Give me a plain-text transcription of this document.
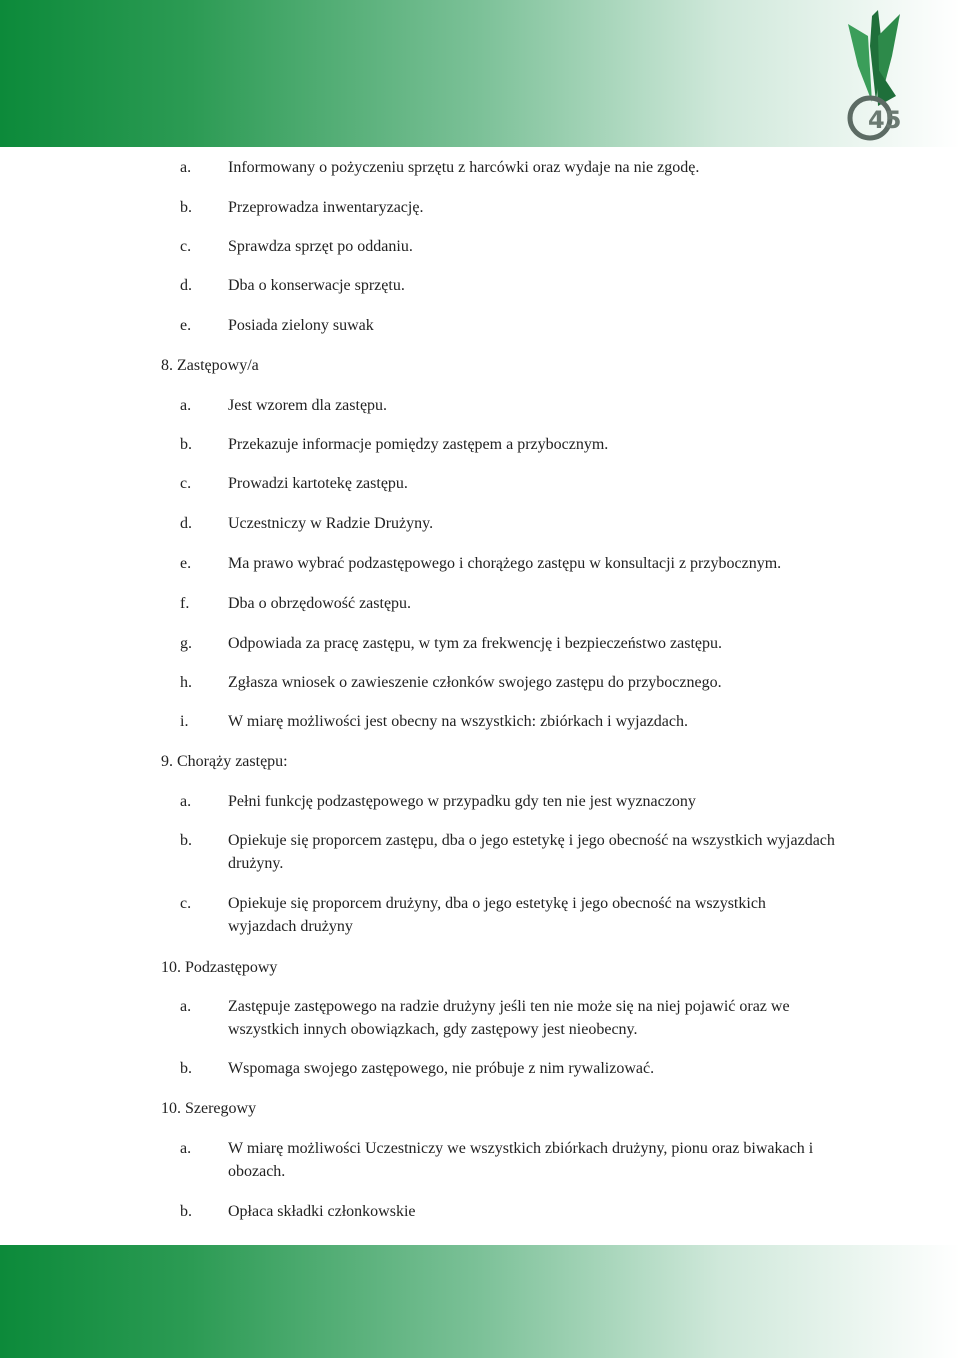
45
a. Informowany o pożyczeniu sprzętu z harcówki oraz wydaje na nie zgodę.
b. Przeprowadza inwentaryzację.
c. Sprawdza sprzęt po oddaniu.
d. Dba o konserwacje sprzętu.
e. Posiada zielony suwak
8. Zastępowy/a
a. Jest wzorem dla zastępu.
b. Przekazuje informacje pomiędzy zastępem a przybocznym.
c. Prowadzi kartotekę zastępu.
d. Uczestniczy w Radzie Drużyny.
e. Ma prawo wybrać podzastępowego i chorążego zastępu w konsultacji z przybocznym.
f. Dba o obrzędowość zastępu.
g. Odpowiada za pracę zastępu, w tym za frekwencję i bezpieczeństwo zastępu.
h. Zgłasza wniosek o zawieszenie członków swojego zastępu do przybocznego.
i. W miarę możliwości jest obecny na wszystkich: zbiórkach i wyjazdach.
9. Chorąży zastępu:
a. Pełni funkcję podzastępowego w przypadku gdy ten nie jest wyznaczony
b. Opiekuje się proporcem zastępu, dba o jego estetykę i jego obecność na wszystkich wyjazdach drużyny.
c. Opiekuje się proporcem drużyny, dba o jego estetykę i jego obecność na wszystkich wyjazdach drużyny
10. Podzastępowy
a. Zastępuje zastępowego na radzie drużyny jeśli ten nie może się na niej pojawić oraz we wszystkich innych obowiązkach, gdy zastępowy jest nieobecny.
b. Wspomaga swojego zastępowego, nie próbuje z nim rywalizować.
10. Szeregowy
a. W miarę możliwości Uczestniczy we wszystkich zbiórkach drużyny, pionu oraz biwakach i obozach.
b. Opłaca składki członkowskie
